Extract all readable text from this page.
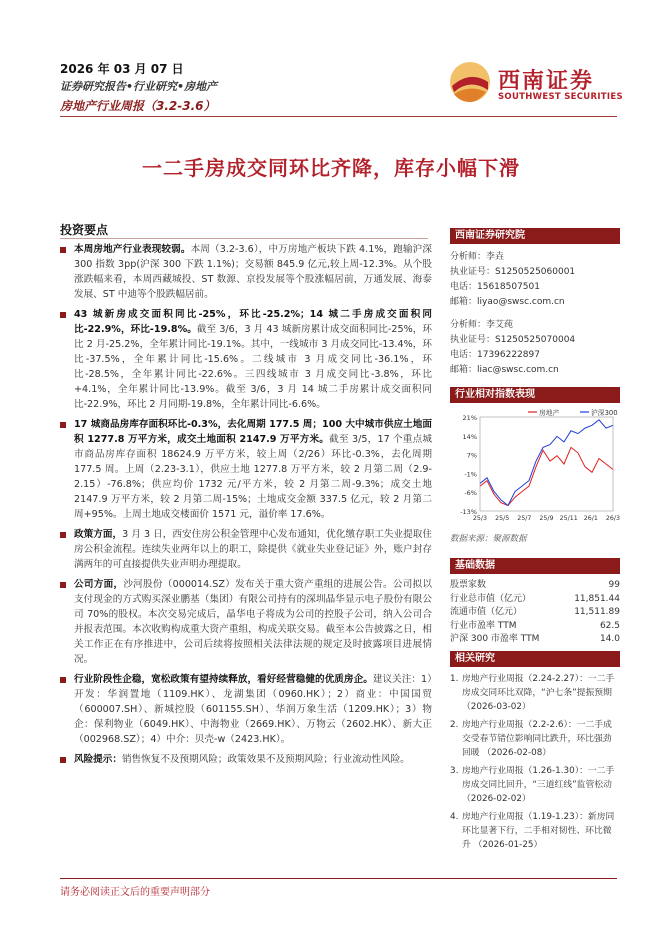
2026 年 03 月 07 日
证券研究报告•行业研究•房地产
房地产行业周报（3.2-3.6）
西南证券
SOUTHWEST SECURITIES
一二手房成交同环比齐降，库存小幅下滑
投资要点
本周房地产行业表现较弱。本周（3.2-3.6），中万房地产板块下跌 4.1%，跑输沪深 300 指数 3pp(沪深 300 下跌 1.1%)；交易额 845.9 亿元,较上周-12.3%。从个股涨跌幅来看，本周西藏城投、ST 数源、京投发展等个股涨幅居前，万通发展、海泰发展、ST 中迪等个股跌幅居前。
43 城新房成交面积同比-25%，环比-25.2%；14 城二手房成交面积同比-22.9%，环比-19.8%。截至 3/6，3 月 43 城新房累计成交面积同比-25%，环比 2 月-25.2%，全年累计同比-19.1%。其中，一线城市 3 月成交同比-13.4%，环比-37.5%，全年累计同比-15.6%。二线城市 3 月成交同比-36.1%，环比-28.5%，全年累计同比-22.6%。三四线城市 3 月成交同比-3.8%，环比+4.1%，全年累计同比-13.9%。截至 3/6，3 月 14 城二手房累计成交面积同比-22.9%，环比 2 月同期-19.8%，全年累计同比-6.6%。
17 城商品房库存面积环比-0.3%，去化周期 177.5 周；100 大中城市供应土地面积 1277.8 万平方米，成交土地面积 2147.9 万平方米。截至 3/5，17 个重点城市商品房库存面积 18624.9 万平方米，较上周（2/26）环比-0.3%，去化周期 177.5 周。上周（2.23-3.1），供应土地 1277.8 万平方米，较 2 月第二周（2.9-2.15）-76.8%；供应均价 1732 元/平方米，较 2 月第二周-9.3%；成交土地 2147.9 万平方米，较 2 月第二周-15%；土地成交金额 337.5 亿元，较 2 月第二周+95%。上周土地成交楼面价 1571 元，溢价率 17.6%。
政策方面，3 月 3 日，西安住房公积金管理中心发布通知，优化缴存职工失业提取住房公积金流程。连续失业两年以上的职工，除提供《就业失业登记证》外，账户封存满两年的可直接提供失业声明办理提取。
公司方面，沙河股份（000014.SZ）发布关于重大资产重组的进展公告。公司拟以支付现金的方式购买深业鹏基（集团）有限公司持有的深圳晶华显示电子股份有限公司 70%的股权。本次交易完成后，晶华电子将成为公司的控股子公司，纳入公司合并报表范围。本次收购构成重大资产重组，构成关联交易。截至本公告披露之日，相关工作正在有序推进中，公司后续将按照相关法律法规的规定及时披露项目进展情况。
行业阶段性企稳，宽松政策有望持续释放，看好经营稳健的优质房企。建议关注：1）开发：华润置地（1109.HK）、龙湖集团（0960.HK）；2）商业：中国国贸（600007.SH）、新城控股（601155.SH）、华润万象生活（1209.HK）；3）物企：保利物业（6049.HK）、中海物业（2669.HK）、万物云（2602.HK）、新大正（002968.SZ）；4）中介：贝壳-w（2423.HK）。
风险提示：销售恢复不及预期风险；政策效果不及预期风险；行业流动性风险。
西南证券研究院
分析师：李垚
执业证号：S1250525060001
电话：15618507501
邮箱：liyao@swsc.com.cn
分析师：李艾莼
执业证号：S1250525070004
电话：17396222897
邮箱：liac@swsc.com.cn
行业相对指数表现
21%
14%
7%
-1%
-6%
-13%
25/3 25/5 25/7 25/9 25/11 26/1 26/3
房地产	沪深300
数据来源：聚源数据
基础数据
股票家数	99
行业总市值（亿元）	11,851.44
流通市值（亿元）	11,511.89
行业市盈率 TTM	62.5
沪深 300 市盈率 TTM	14.0
相关研究
1. 房地产行业周报（2.24-2.27）：一二手房成交同环比双降，“沪七条”提振预期 （2026-03-02）
2. 房地产行业周报（2.2-2.6）：一二手成交受春节错位影响同比跌升，环比强劲回暖 （2026-02-08）
3. 房地产行业周报（1.26-1.30）：一二手房成交同比回升，“三道红线”监管松动 （2026-02-02）
4. 房地产行业周报（1.19-1.23）：新房同环比显著下行，二手相对韧性、环比微升 （2026-01-25）
请务必阅读正文后的重要声明部分
